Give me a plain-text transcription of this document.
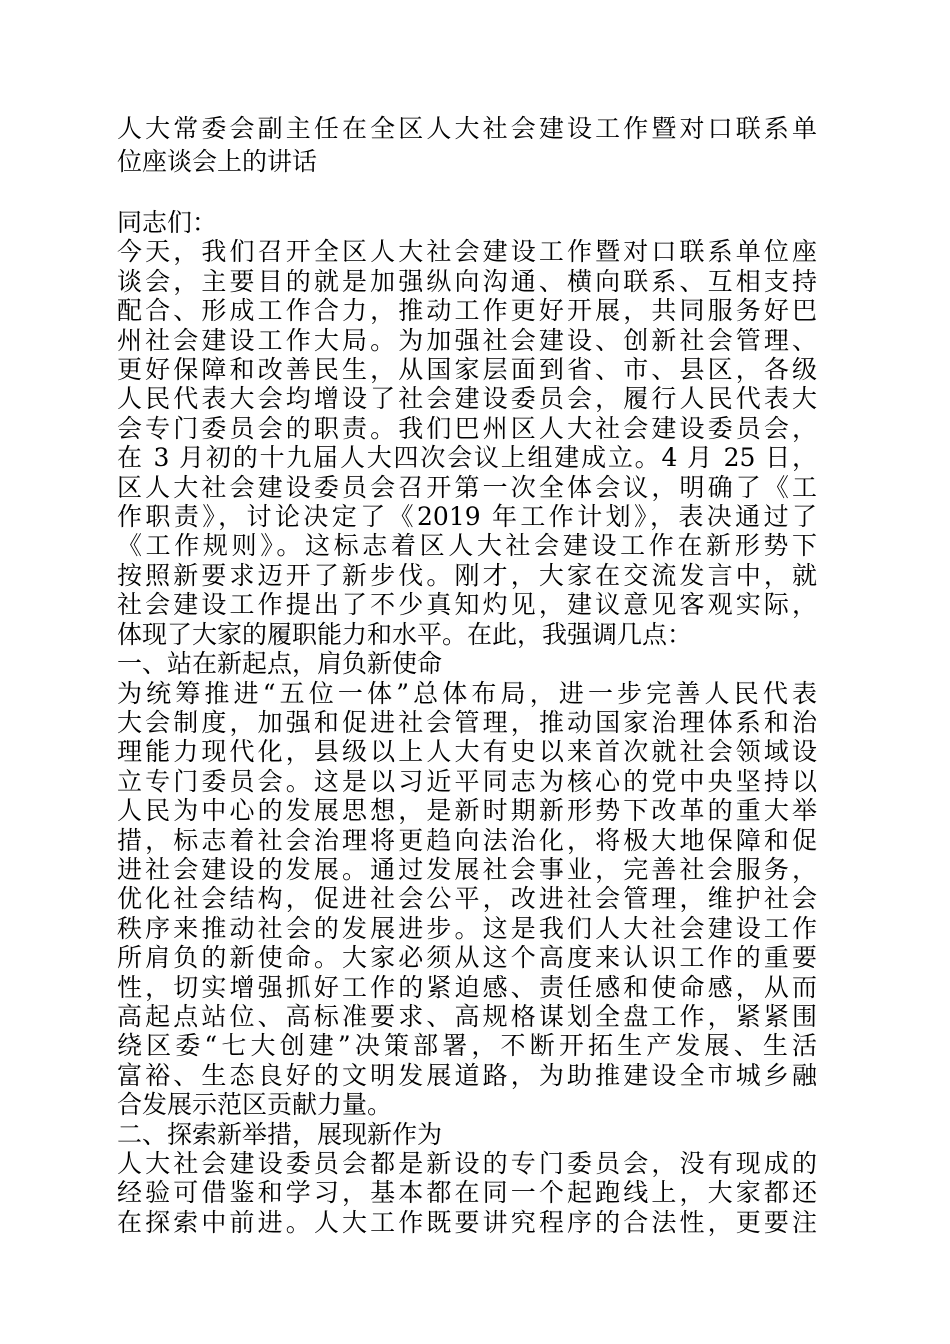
人大常委会副主任在全区人大社会建设工作暨对口联系单
位座谈会上的讲话
同志们：
今天，我们召开全区人大社会建设工作暨对口联系单位座
谈会，主要目的就是加强纵向沟通、横向联系、互相支持
配合、形成工作合力，推动工作更好开展，共同服务好巴
州社会建设工作大局。为加强社会建设、创新社会管理、
更好保障和改善民生，从国家层面到省、市、县区，各级
人民代表大会均增设了社会建设委员会，履行人民代表大
会专门委员会的职责。我们巴州区人大社会建设委员会，
在 3 月初的十九届人大四次会议上组建成立。4 月 25 日，
区人大社会建设委员会召开第一次全体会议，明确了《工
作职责》，讨论决定了《2019 年工作计划》，表决通过了
《工作规则》。这标志着区人大社会建设工作在新形势下
按照新要求迈开了新步伐。刚才，大家在交流发言中，就
社会建设工作提出了不少真知灼见，建议意见客观实际，
体现了大家的履职能力和水平。在此，我强调几点：
一、站在新起点，肩负新使命
为统筹推进“五位一体”总体布局，进一步完善人民代表
大会制度，加强和促进社会管理，推动国家治理体系和治
理能力现代化，县级以上人大有史以来首次就社会领域设
立专门委员会。这是以习近平同志为核心的党中央坚持以
人民为中心的发展思想，是新时期新形势下改革的重大举
措，标志着社会治理将更趋向法治化，将极大地保障和促
进社会建设的发展。通过发展社会事业，完善社会服务，
优化社会结构，促进社会公平，改进社会管理，维护社会
秩序来推动社会的发展进步。这是我们人大社会建设工作
所肩负的新使命。大家必须从这个高度来认识工作的重要
性，切实增强抓好工作的紧迫感、责任感和使命感，从而
高起点站位、高标准要求、高规格谋划全盘工作，紧紧围
绕区委“七大创建”决策部署，不断开拓生产发展、生活
富裕、生态良好的文明发展道路，为助推建设全市城乡融
合发展示范区贡献力量。
二、探索新举措，展现新作为
人大社会建设委员会都是新设的专门委员会，没有现成的
经验可借鉴和学习，基本都在同一个起跑线上，大家都还
在探索中前进。人大工作既要讲究程序的合法性，更要注
